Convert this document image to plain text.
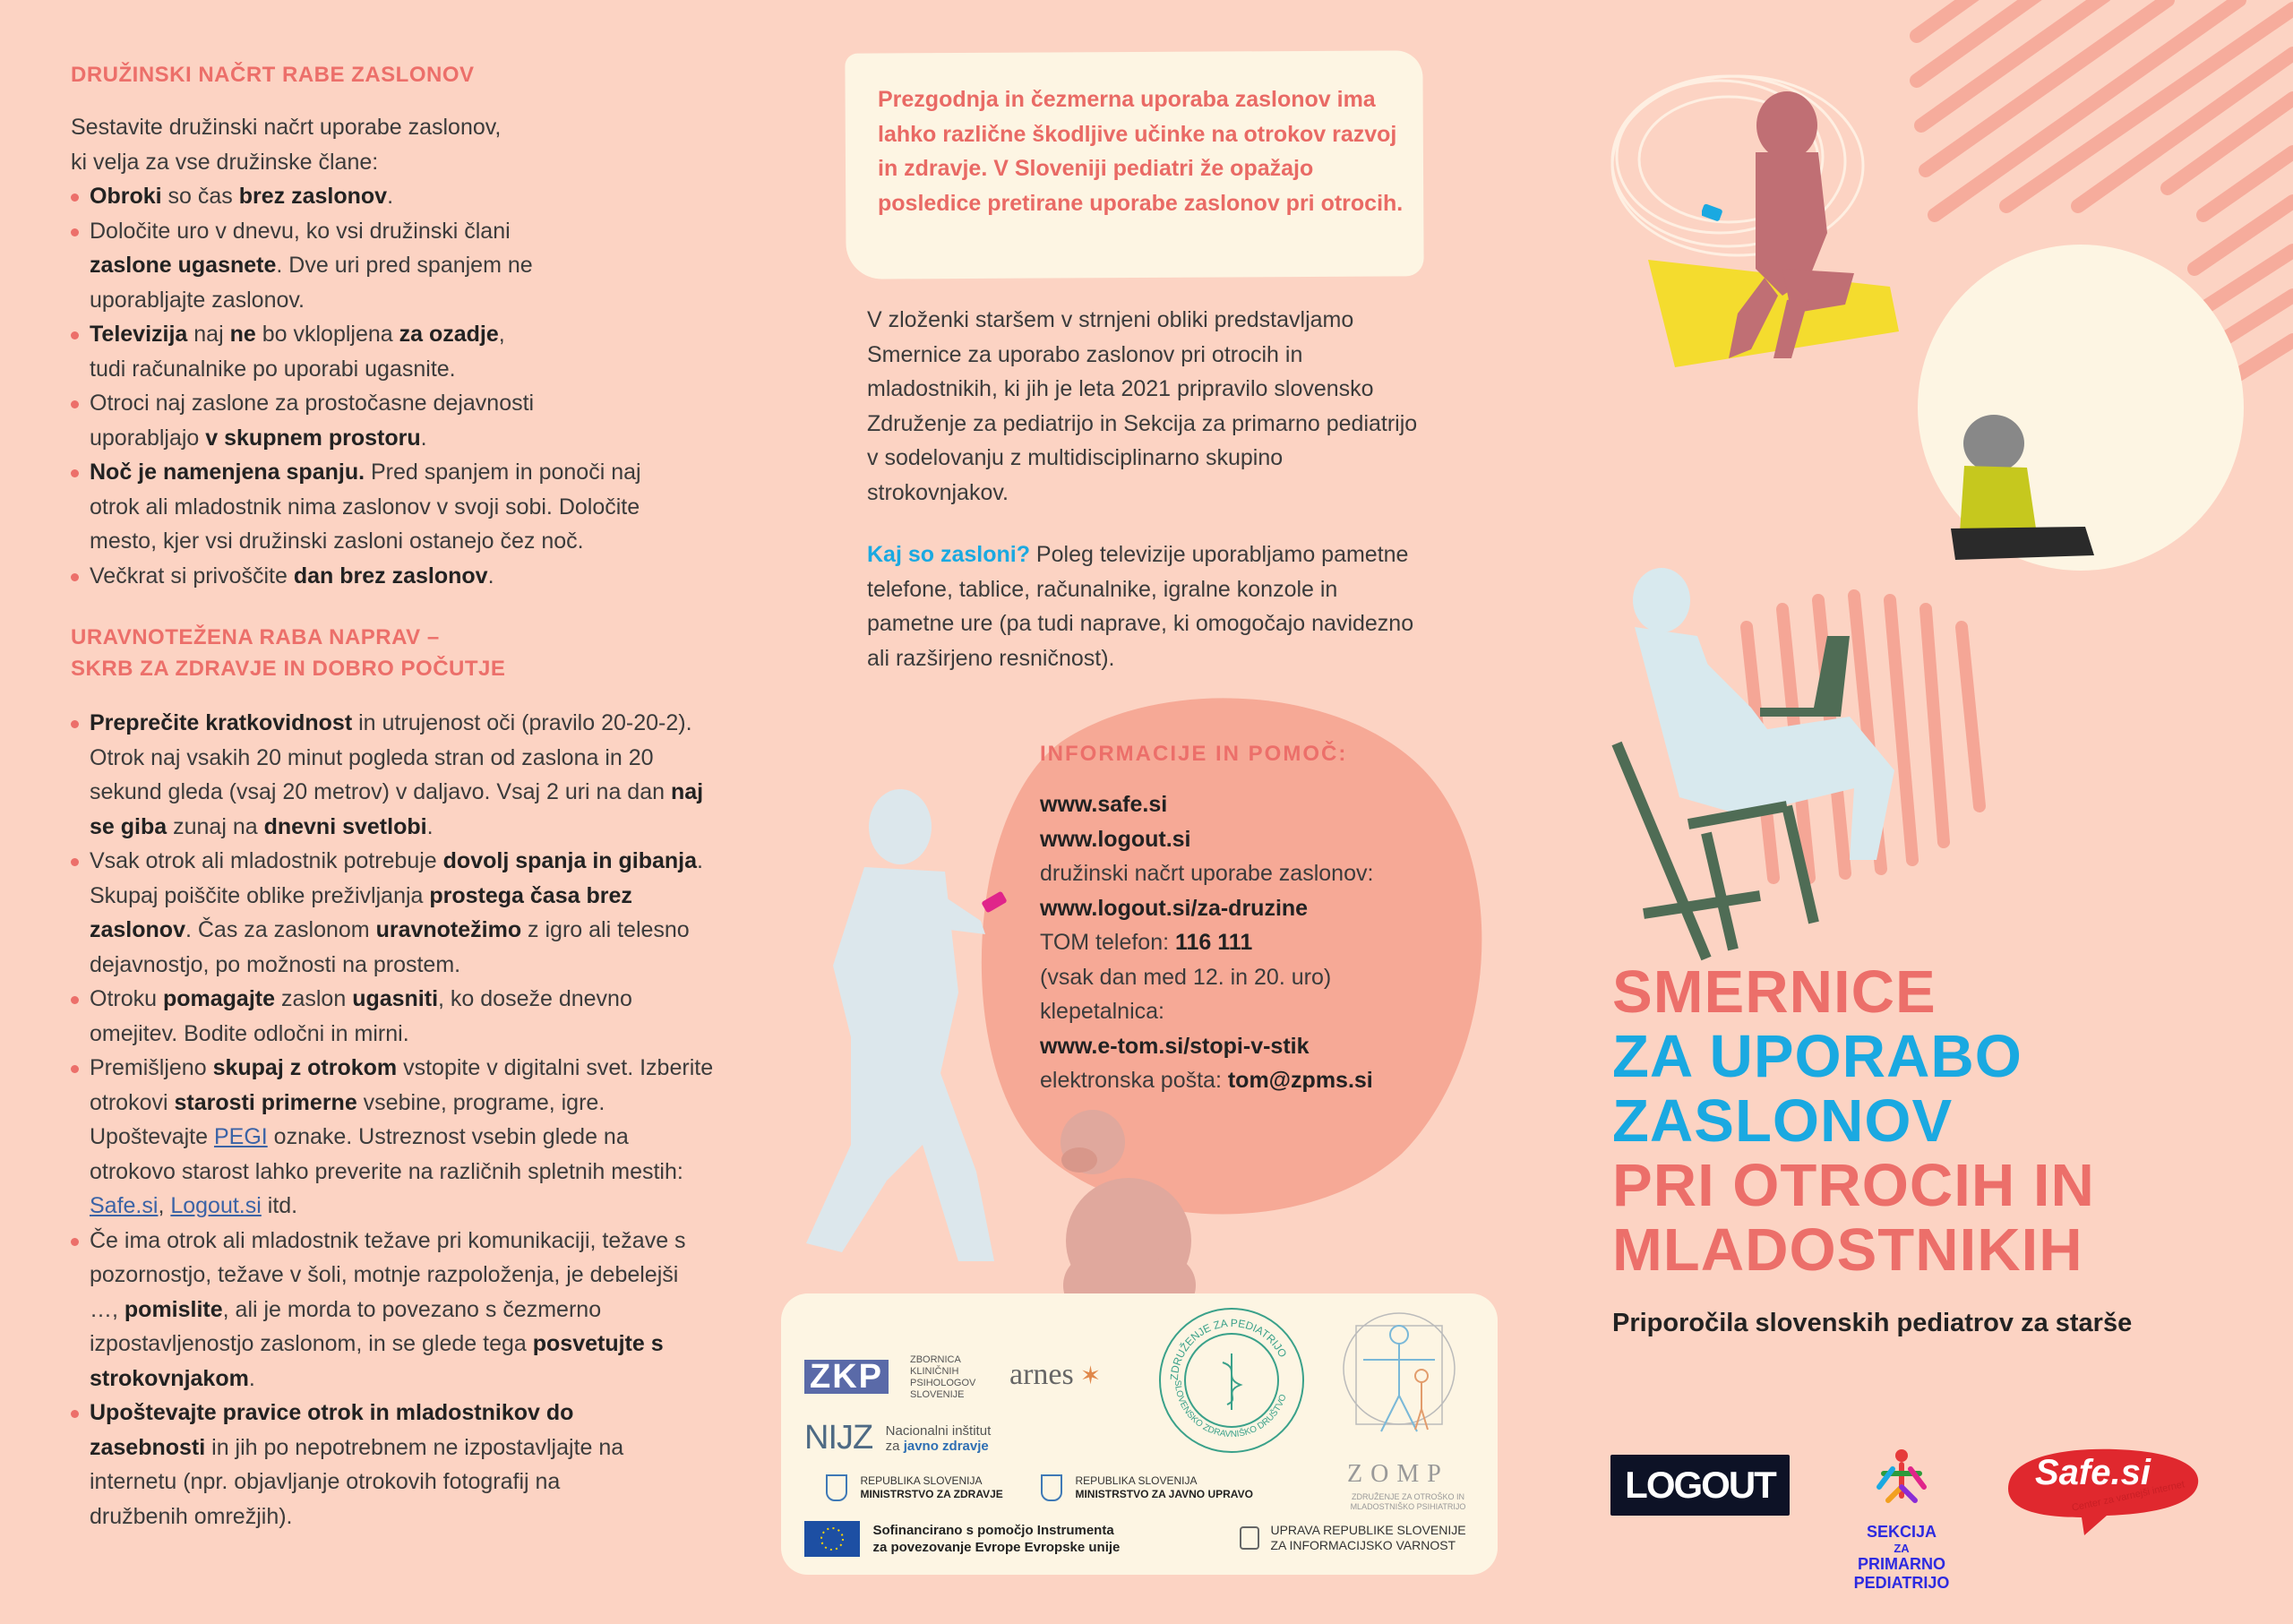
DRUŽINSKI NAČRT RABE ZASLONOV

Sestavite družinski načrt uporabe zaslonov,
ki velja za vse družinske člane:

Obroki so čas brez zaslonov.
Določite uro v dnevu, ko vsi družinski člani zaslone ugasnete. Dve uri pred spanjem ne uporabljajte zaslonov.
Televizija naj ne bo vklopljena za ozadje,
tudi računalnike po uporabi ugasnite.
Otroci naj zaslone za prostočasne dejavnosti uporabljajo v skupnem prostoru.
Noč je namenjena spanju. Pred spanjem in ponoči naj otrok ali mladostnik nima zaslonov v svoji sobi. Določite mesto, kjer vsi družinski zasloni ostanejo čez noč.
Večkrat si privoščite dan brez zaslonov.
URAVNOTEŽENA RABA NAPRAV –
SKRB ZA ZDRAVJE IN DOBRO POČUTJE
Preprečite kratkovidnost in utrujenost oči (pravilo 20-20-2). Otrok naj vsakih 20 minut pogleda stran od zaslona in 20 sekund gleda (vsaj 20 metrov) v daljavo. Vsaj 2 uri na dan naj se giba zunaj na dnevni svetlobi.
Vsak otrok ali mladostnik potrebuje dovolj spanja in gibanja. Skupaj poiščite oblike preživljanja prostega časa brez zaslonov. Čas za zaslonom uravnotežimo z igro ali telesno dejavnostjo, po možnosti na prostem.
Otroku pomagajte zaslon ugasniti, ko doseže dnevno omejitev. Bodite odločni in mirni.
Premišljeno skupaj z otrokom vstopite v digitalni svet. Izberite otrokovi starosti primerne vsebine, programe, igre. Upoštevajte PEGI oznake. Ustreznost vsebin glede na otrokovo starost lahko preverite na različnih spletnih mestih: Safe.si, Logout.si itd.
Če ima otrok ali mladostnik težave pri komunikaciji, težave s pozornostjo, težave v šoli, motnje razpoloženja, je debelejši …, pomislite, ali je morda to povezano s čezmerno izpostavljenostjo zaslonom, in se glede tega posvetujte s strokovnjakom.
Upoštevajte pravice otrok in mladostnikov do zasebnosti in jih po nepotrebnem ne izpostavljajte na internetu (npr. objavljanje otrokovih fotografij na družbenih omrežjih).
Prezgodnja in čezmerna uporaba zaslonov ima lahko različne škodljive učinke na otrokov razvoj in zdravje. V Sloveniji pediatri že opažajo posledice pretirane uporabe zaslonov pri otrocih.
V zloženki staršem v strnjeni obliki predstavljamo Smernice za uporabo zaslonov pri otrocih in mladostnikih, ki jih je leta 2021 pripravilo slovensko Združenje za pediatrijo in Sekcija za primarno pediatrijo v sodelovanju z multidisciplinarno skupino strokovnjakov.
Kaj so zasloni? Poleg televizije uporabljamo pametne telefone, tablice, računalnike, igralne konzole in pametne ure (pa tudi naprave, ki omogočajo navidezno ali razširjeno resničnost).
INFORMACIJE IN POMOČ:
www.safe.si
www.logout.si
družinski načrt uporabe zaslonov:
www.logout.si/za-druzine
TOM telefon: 116 111
(vsak dan med 12. in 20. uro)
klepetalnica:
www.e-tom.si/stopi-v-stik
elektronska pošta: tom@zpms.si
ZKP	ZBORNICA
KLINIČNIH
PSIHOLOGOV
SLOVENIJE
arnes ✶	ZDRUŽENJE ZA PEDIATRIJO
SLOVENSKO ZDRAVNIŠKO DRUŠTVO
ZOMP
ZDRUŽENJE ZA OTROŠKO IN
MLADOSTNIŠKO PSIHIATRIJO
NIJZ Nacionalni inštitut
za javno zdravje
REPUBLIKA SLOVENIJA
MINISTRSTVO ZA ZDRAVJE
REPUBLIKA SLOVENIJA
MINISTRSTVO ZA JAVNO UPRAVO
Sofinancirano s pomočjo Instrumenta
za povezovanje Evrope Evropske unije
UPRAVA REPUBLIKE SLOVENIJE
ZA INFORMACIJSKO VARNOST
SMERNICE
ZA UPORABO
ZASLONOV
PRI OTROCIH IN
MLADOSTNIKIH
Priporočila slovenskih pediatrov za starše
LOGOUT
SEKCIJA
ZA
PRIMARNO PEDIATRIJO
Safe.si
Center za varnejši internet
